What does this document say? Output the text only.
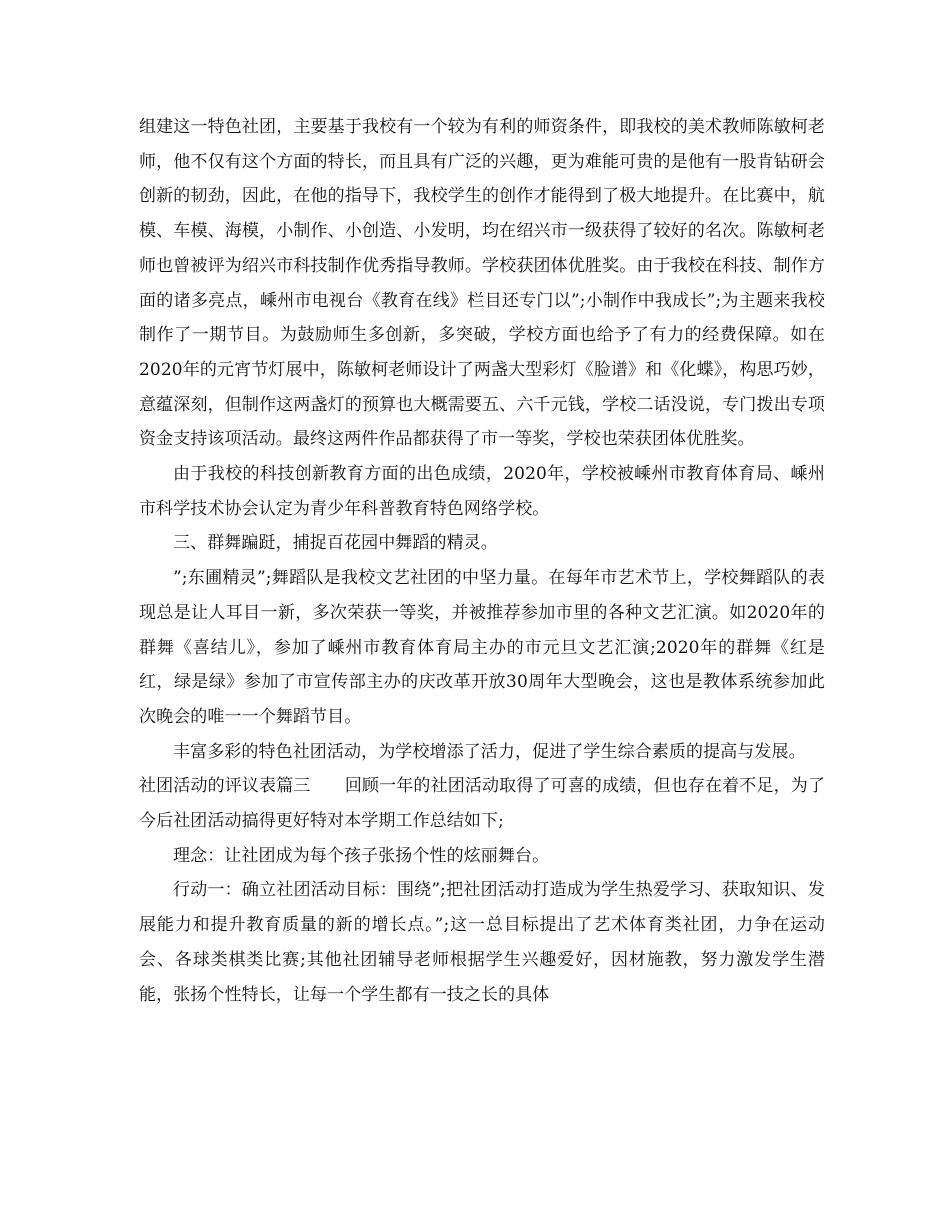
组建这一特色社团，主要基于我校有一个较为有利的师资条件，即我校的美术教师陈敏柯老师，他不仅有这个方面的特长，而且具有广泛的兴趣，更为难能可贵的是他有一股肯钻研会创新的韧劲，因此，在他的指导下，我校学生的创作才能得到了极大地提升。在比赛中，航模、车模、海模，小制作、小创造、小发明，均在绍兴市一级获得了较好的名次。陈敏柯老师也曾被评为绍兴市科技制作优秀指导教师。学校获团体优胜奖。由于我校在科技、制作方面的诸多亮点，嵊州市电视台《教育在线》栏目还专门以”;小制作中我成长”;为主题来我校制作了一期节目。为鼓励师生多创新，多突破，学校方面也给予了有力的经费保障。如在2020年的元宵节灯展中，陈敏柯老师设计了两盏大型彩灯《脸谱》和《化蝶》，构思巧妙，意蕴深刻，但制作这两盏灯的预算也大概需要五、六千元钱，学校二话没说，专门拨出专项资金支持该项活动。最终这两件作品都获得了市一等奖，学校也荣获团体优胜奖。

由于我校的科技创新教育方面的出色成绩，2020年，学校被嵊州市教育体育局、嵊州市科学技术协会认定为青少年科普教育特色网络学校。

三、群舞蹁跹，捕捉百花园中舞蹈的精灵。

”;东圃精灵”;舞蹈队是我校文艺社团的中坚力量。在每年市艺术节上，学校舞蹈队的表现总是让人耳目一新，多次荣获一等奖，并被推荐参加市里的各种文艺汇演。如2020年的群舞《喜结儿》，参加了嵊州市教育体育局主办的市元旦文艺汇演;2020年的群舞《红是红，绿是绿》参加了市宣传部主办的庆改革开放30周年大型晚会，这也是教体系统参加此次晚会的唯一一个舞蹈节目。

丰富多彩的特色社团活动，为学校增添了活力，促进了学生综合素质的提高与发展。

社团活动的评议表篇三　　回顾一年的社团活动取得了可喜的成绩，但也存在着不足，为了今后社团活动搞得更好特对本学期工作总结如下;

理念：让社团成为每个孩子张扬个性的炫丽舞台。

行动一：确立社团活动目标：围绕”;把社团活动打造成为学生热爱学习、获取知识、发展能力和提升教育质量的新的增长点。”;这一总目标提出了艺术体育类社团，力争在运动会、各球类棋类比赛;其他社团辅导老师根据学生兴趣爱好，因材施教，努力激发学生潜能，张扬个性特长，让每一个学生都有一技之长的具体
